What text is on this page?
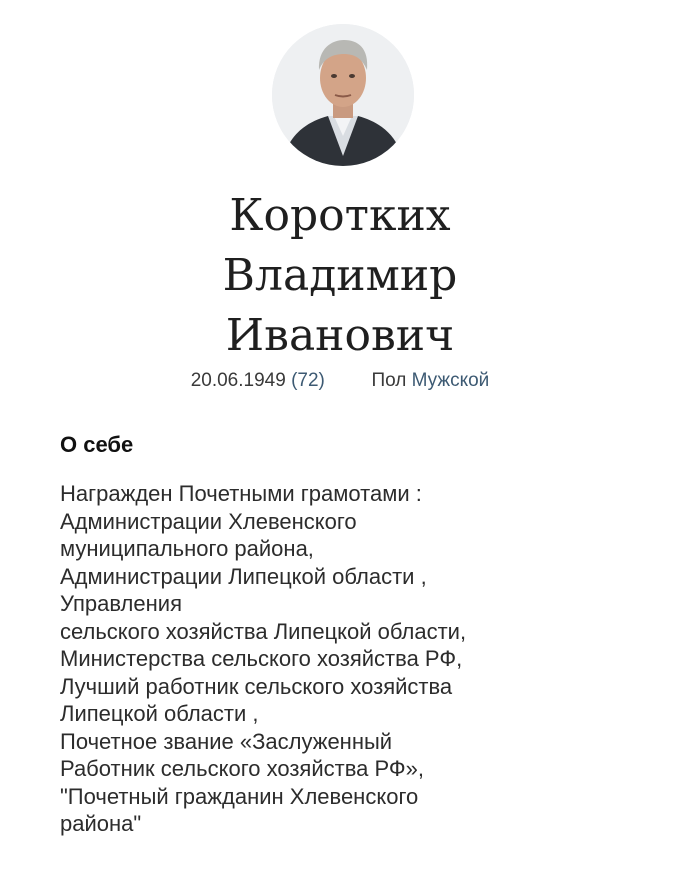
Коротких
Владимир
Иванович
20.06.1949 (72) Пол Мужской
О себе
Награжден Почетными грамотами :
Администрации Хлевенского
муниципального района,
Администрации Липецкой области ,
Управления
сельского хозяйства Липецкой области,
Министерства сельского хозяйства РФ,
Лучший работник сельского хозяйства
Липецкой области ,
Почетное звание «Заслуженный
Работник сельского хозяйства РФ»,
"Почетный гражданин Хлевенского
района"
